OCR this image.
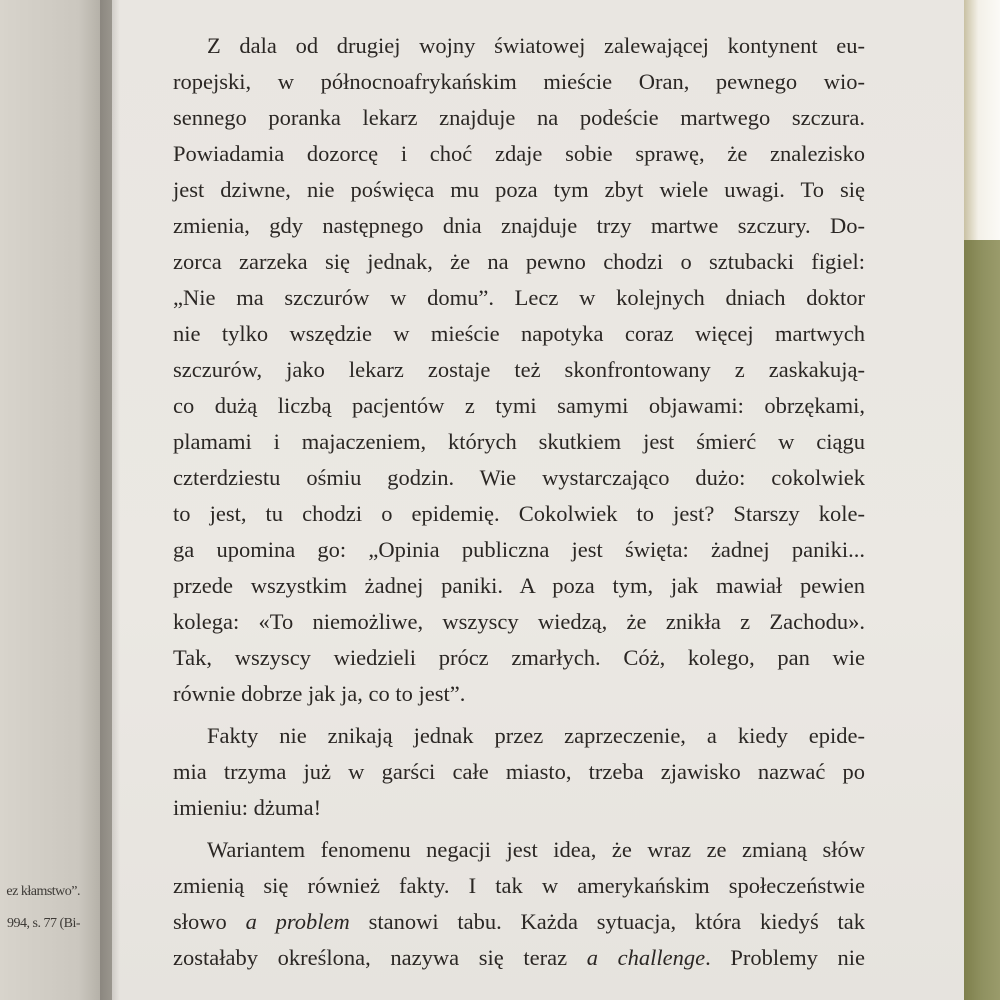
ez kłamstwo”.
994, s. 77 (Bi-

Z dala od drugiej wojny światowej zalewającej kontynent eu-
ropejski, w północnoafrykańskim mieście Oran, pewnego wio-
sennego poranka lekarz znajduje na podeście martwego szczura.
Powiadamia dozorcę i choć zdaje sobie sprawę, że znalezisko
jest dziwne, nie poświęca mu poza tym zbyt wiele uwagi. To się
zmienia, gdy następnego dnia znajduje trzy martwe szczury. Do-
zorca zarzeka się jednak, że na pewno chodzi o sztubacki figiel:
„Nie ma szczurów w domu”. Lecz w kolejnych dniach doktor
nie tylko wszędzie w mieście napotyka coraz więcej martwych
szczurów, jako lekarz zostaje też skonfrontowany z zaskakują-
co dużą liczbą pacjentów z tymi samymi objawami: obrzękami,
plamami i majaczeniem, których skutkiem jest śmierć w ciągu
czterdziestu ośmiu godzin. Wie wystarczająco dużo: cokolwiek
to jest, tu chodzi o epidemię. Cokolwiek to jest? Starszy kole-
ga upomina go: „Opinia publiczna jest święta: żadnej paniki...
przede wszystkim żadnej paniki. A poza tym, jak mawiał pewien
kolega: «To niemożliwe, wszyscy wiedzą, że znikła z Zachodu».
Tak, wszyscy wiedzieli prócz zmarłych. Cóż, kolego, pan wie
równie dobrze jak ja, co to jest”.

Fakty nie znikają jednak przez zaprzeczenie, a kiedy epide-
mia trzyma już w garści całe miasto, trzeba zjawisko nazwać po
imieniu: dżuma!

Wariantem fenomenu negacji jest idea, że wraz ze zmianą słów
zmienią się również fakty. I tak w amerykańskim społeczeństwie
słowo a problem stanowi tabu. Każda sytuacja, która kiedyś tak
zostałaby określona, nazywa się teraz a challenge. Problemy nie
